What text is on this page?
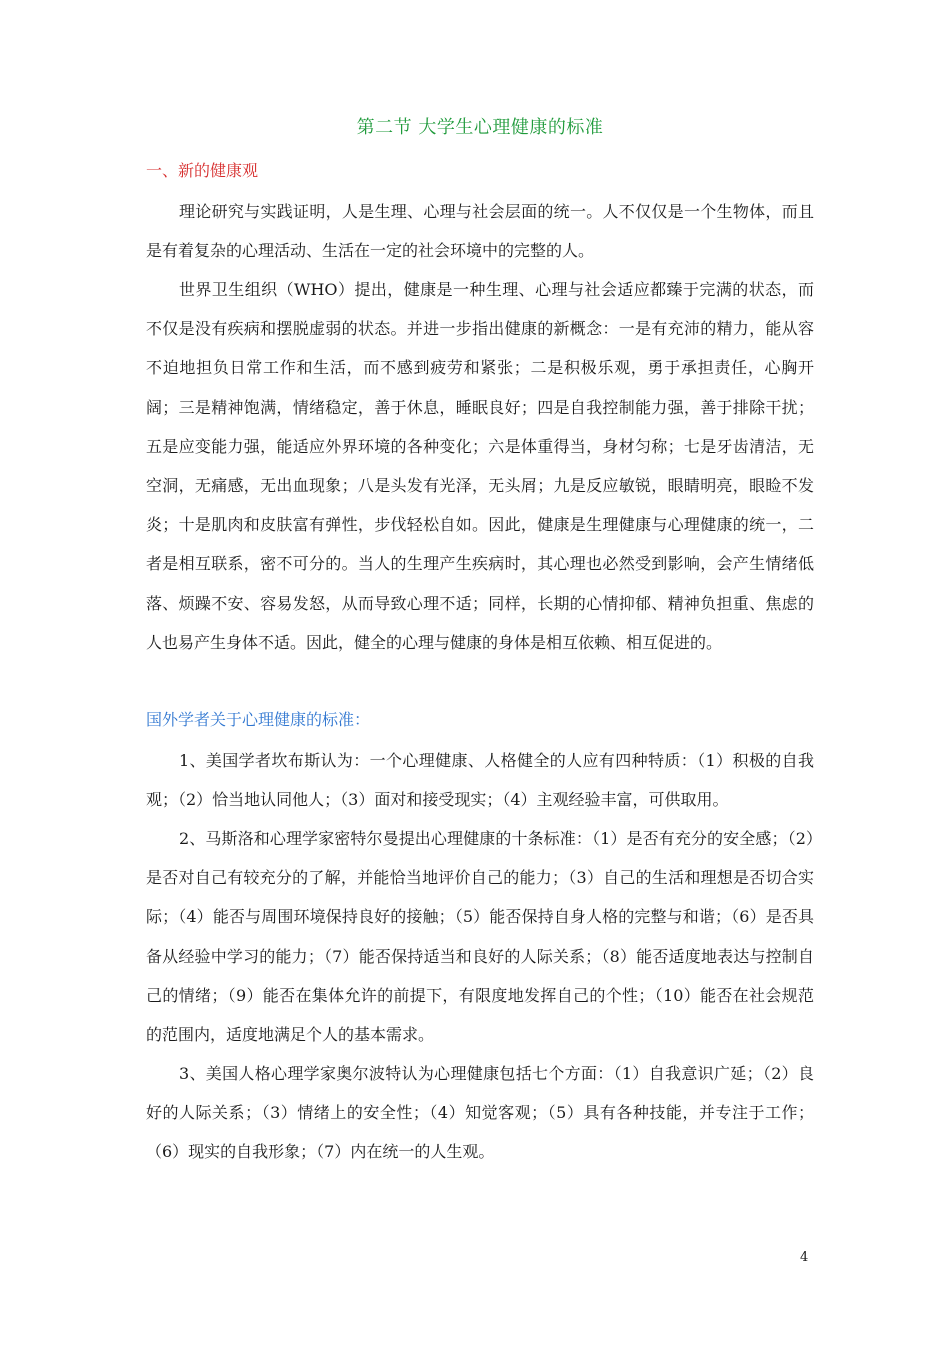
第二节 大学生心理健康的标准
一、新的健康观

理论研究与实践证明，人是生理、心理与社会层面的统一。人不仅仅是一个生物体，而且是有着复杂的心理活动、生活在一定的社会环境中的完整的人。

世界卫生组织（WHO）提出，健康是一种生理、心理与社会适应都臻于完满的状态，而不仅是没有疾病和摆脱虚弱的状态。并进一步指出健康的新概念：一是有充沛的精力，能从容不迫地担负日常工作和生活，而不感到疲劳和紧张；二是积极乐观，勇于承担责任，心胸开阔；三是精神饱满，情绪稳定，善于休息，睡眠良好；四是自我控制能力强，善于排除干扰；五是应变能力强，能适应外界环境的各种变化；六是体重得当，身材匀称；七是牙齿清洁，无空洞，无痛感，无出血现象；八是头发有光泽，无头屑；九是反应敏锐，眼睛明亮，眼睑不发炎；十是肌肉和皮肤富有弹性，步伐轻松自如。因此，健康是生理健康与心理健康的统一，二者是相互联系，密不可分的。当人的生理产生疾病时，其心理也必然受到影响，会产生情绪低落、烦躁不安、容易发怒，从而导致心理不适；同样，长期的心情抑郁、精神负担重、焦虑的人也易产生身体不适。因此，健全的心理与健康的身体是相互依赖、相互促进的。

国外学者关于心理健康的标准：

1、美国学者坎布斯认为：一个心理健康、人格健全的人应有四种特质：（1）积极的自我观；（2）恰当地认同他人；（3）面对和接受现实；（4）主观经验丰富，可供取用。

2、马斯洛和心理学家密特尔曼提出心理健康的十条标准：（1）是否有充分的安全感；（2）是否对自己有较充分的了解，并能恰当地评价自己的能力；（3）自己的生活和理想是否切合实际；（4）能否与周围环境保持良好的接触；（5）能否保持自身人格的完整与和谐；（6）是否具备从经验中学习的能力；（7）能否保持适当和良好的人际关系；（8）能否适度地表达与控制自己的情绪；（9）能否在集体允许的前提下，有限度地发挥自己的个性；（10）能否在社会规范的范围内，适度地满足个人的基本需求。

3、美国人格心理学家奥尔波特认为心理健康包括七个方面：（1）自我意识广延；（2）良好的人际关系；（3）情绪上的安全性；（4）知觉客观；（5）具有各种技能，并专注于工作；（6）现实的自我形象；（7）内在统一的人生观。

4
